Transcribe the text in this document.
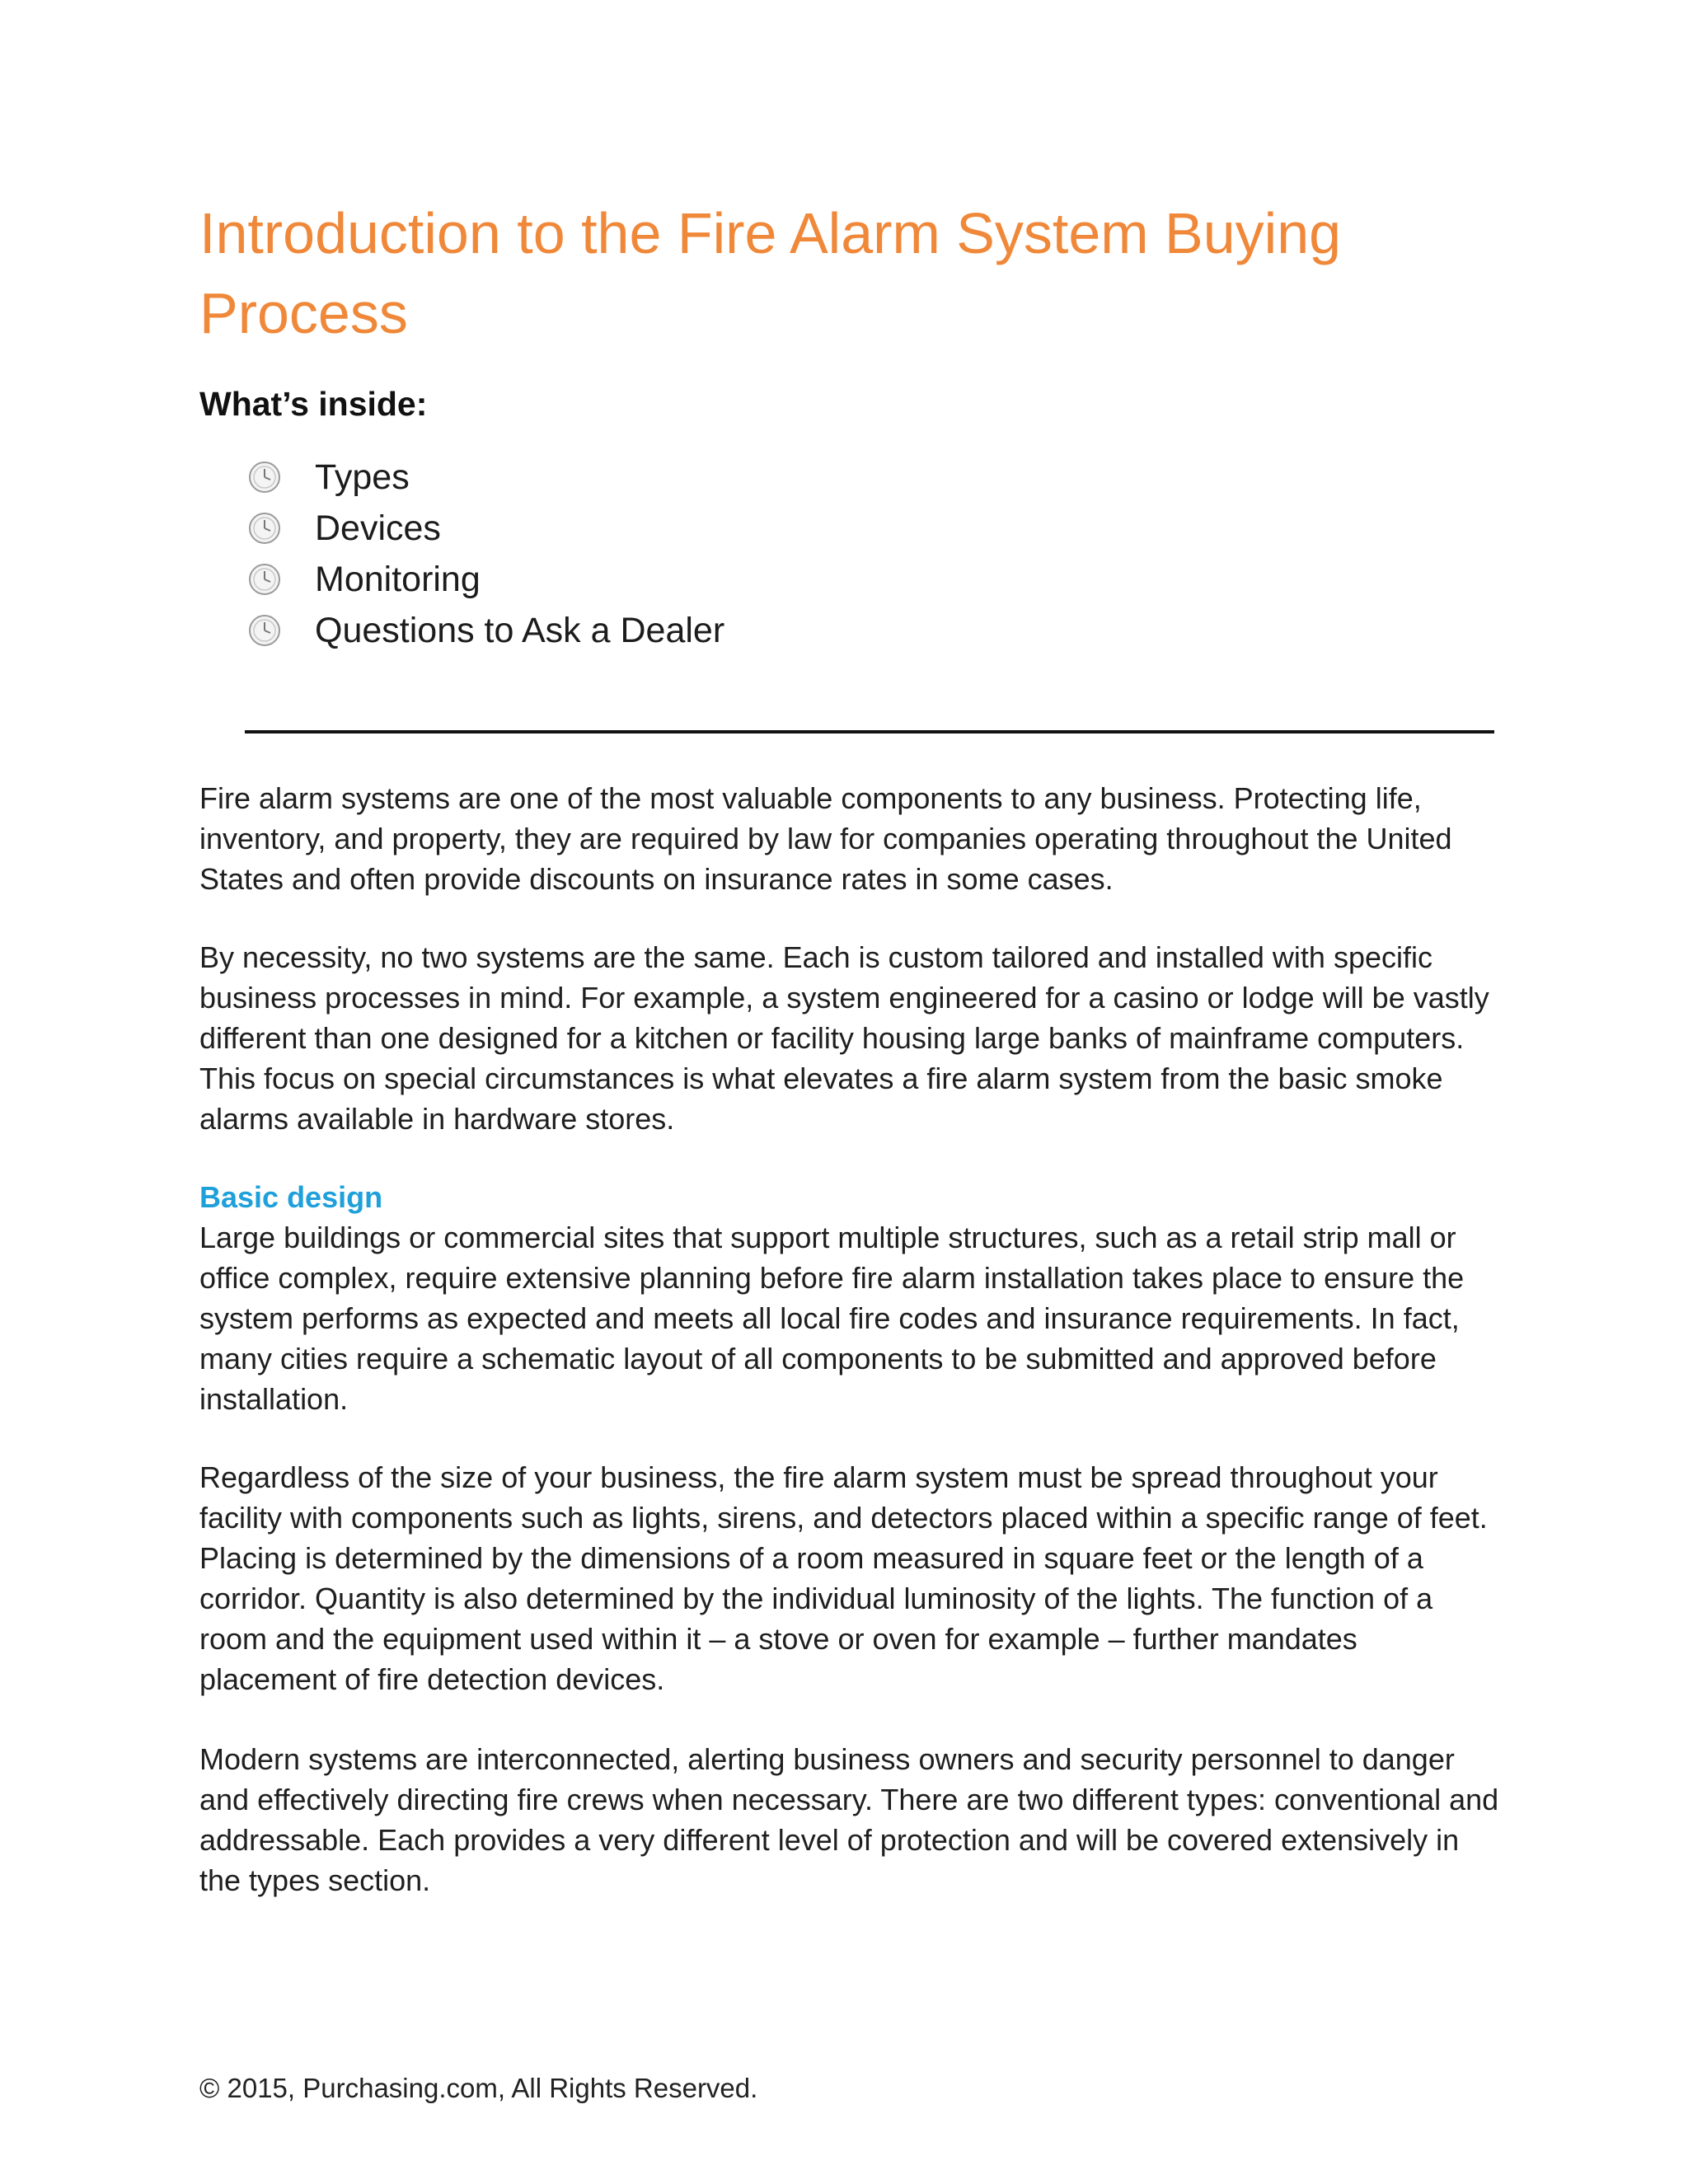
Introduction to the Fire Alarm System Buying Process
What’s inside:
Types
Devices
Monitoring
Questions to Ask a Dealer

Fire alarm systems are one of the most valuable components to any business. Protecting life, inventory, and property, they are required by law for companies operating throughout the United States and often provide discounts on insurance rates in some cases.

By necessity, no two systems are the same. Each is custom tailored and installed with specific business processes in mind. For example, a system engineered for a casino or lodge will be vastly different than one designed for a kitchen or facility housing large banks of mainframe computers. This focus on special circumstances is what elevates a fire alarm system from the basic smoke alarms available in hardware stores.

Basic design

Large buildings or commercial sites that support multiple structures, such as a retail strip mall or office complex, require extensive planning before fire alarm installation takes place to ensure the system performs as expected and meets all local fire codes and insurance requirements. In fact, many cities require a schematic layout of all components to be submitted and approved before installation.

Regardless of the size of your business, the fire alarm system must be spread throughout your facility with components such as lights, sirens, and detectors placed within a specific range of feet. Placing is determined by the dimensions of a room measured in square feet or the length of a corridor. Quantity is also determined by the individual luminosity of the lights. The function of a room and the equipment used within it – a stove or oven for example – further mandates placement of fire detection devices.

Modern systems are interconnected, alerting business owners and security personnel to danger and effectively directing fire crews when necessary. There are two different types: conventional and addressable. Each provides a very different level of protection and will be covered extensively in the types section.

© 2015, Purchasing.com, All Rights Reserved.
